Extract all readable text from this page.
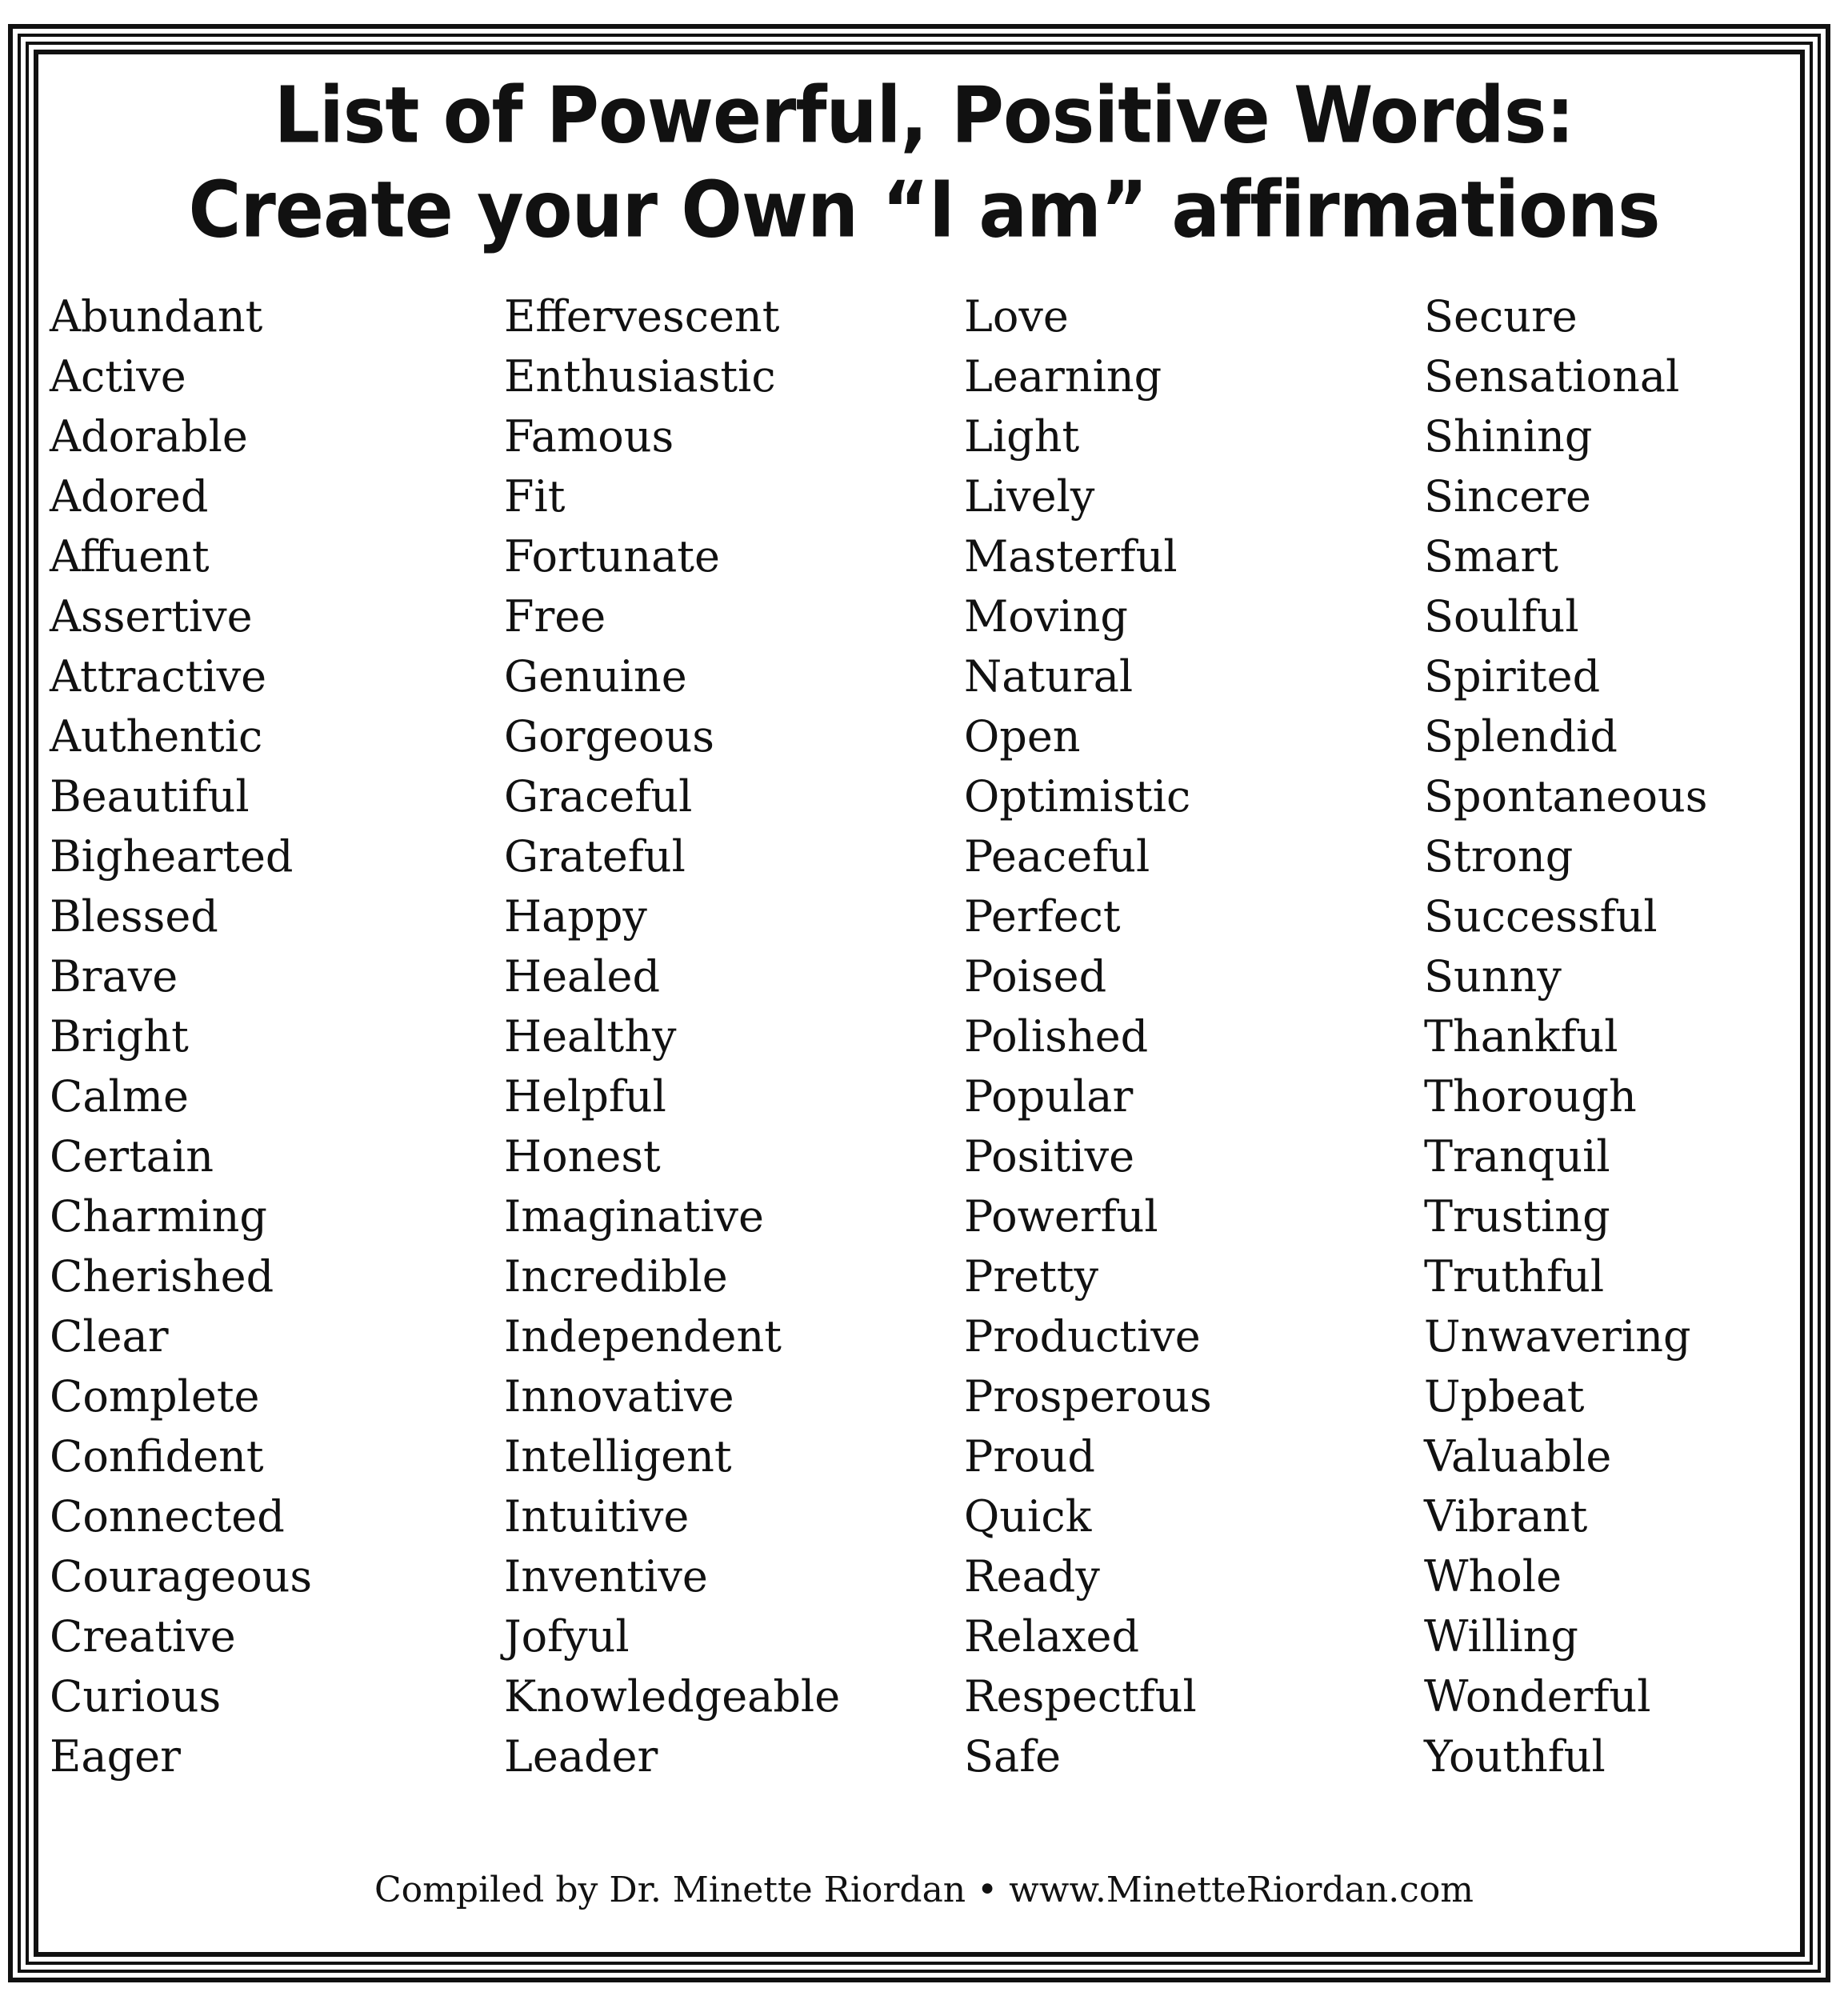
List of Powerful, Positive Words:
Create your Own “I am” affirmations
Abundant
Active
Adorable
Adored
Affuent
Assertive
Attractive
Authentic
Beautiful
Bighearted
Blessed
Brave
Bright
Calme
Certain
Charming
Cherished
Clear
Complete
Confident
Connected
Courageous
Creative
Curious
Eager
Effervescent
Enthusiastic
Famous
Fit
Fortunate
Free
Genuine
Gorgeous
Graceful
Grateful
Happy
Healed
Healthy
Helpful
Honest
Imaginative
Incredible
Independent
Innovative
Intelligent
Intuitive
Inventive
Jofyul
Knowledgeable
Leader
Love
Learning
Light
Lively
Masterful
Moving
Natural
Open
Optimistic
Peaceful
Perfect
Poised
Polished
Popular
Positive
Powerful
Pretty
Productive
Prosperous
Proud
Quick
Ready
Relaxed
Respectful
Safe
Secure
Sensational
Shining
Sincere
Smart
Soulful
Spirited
Splendid
Spontaneous
Strong
Successful
Sunny
Thankful
Thorough
Tranquil
Trusting
Truthful
Unwavering
Upbeat
Valuable
Vibrant
Whole
Willing
Wonderful
Youthful
Compiled by Dr. Minette Riordan • www.MinetteRiordan.com
